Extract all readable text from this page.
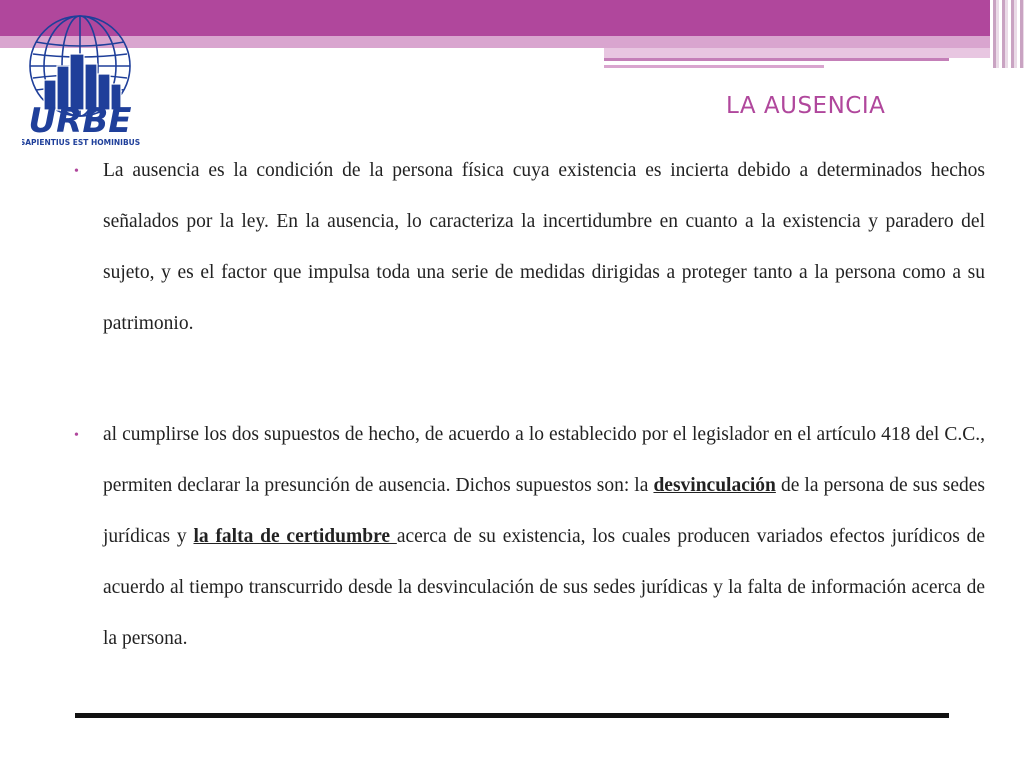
URBE
SAPIENTIUS EST HOMINIBUS
LA AUSENCIA
• La ausencia es la condición de la persona física cuya existencia es incierta debido a determinados hechos señalados por la ley. En la ausencia, lo caracteriza la incertidumbre en cuanto a la existencia y paradero del sujeto, y es el factor que impulsa toda una serie de medidas dirigidas a proteger tanto a la persona como a su patrimonio.
• al cumplirse los dos supuestos de hecho, de acuerdo a lo establecido por el legislador en el artículo 418 del C.C., permiten declarar la presunción de ausencia. Dichos supuestos son: la desvinculación de la persona de sus sedes jurídicas y la falta de certidumbre acerca de su existencia, los cuales producen variados efectos jurídicos de acuerdo al tiempo transcurrido desde la desvinculación de sus sedes jurídicas y la falta de información acerca de la persona.
